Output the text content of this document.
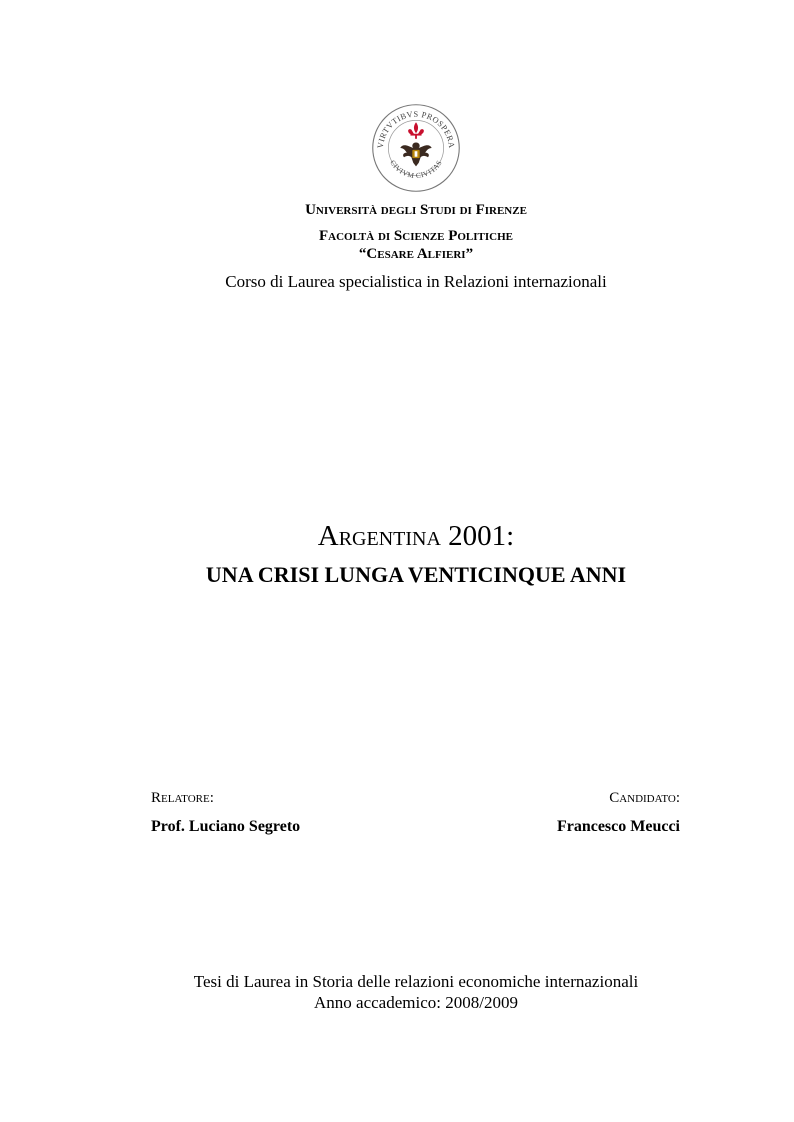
VIRTVTIBVS PROSPERA
CIVIVM CIVITAS
Università degli Studi di Firenze
Facoltà di Scienze Politiche
“Cesare Alfieri”
Corso di Laurea specialistica in Relazioni internazionali
Argentina 2001:
UNA CRISI LUNGA VENTICINQUE ANNI
Relatore:
Prof. Luciano Segreto
Candidato:
Francesco Meucci
Tesi di Laurea in Storia delle relazioni economiche internazionali
Anno accademico: 2008/2009
